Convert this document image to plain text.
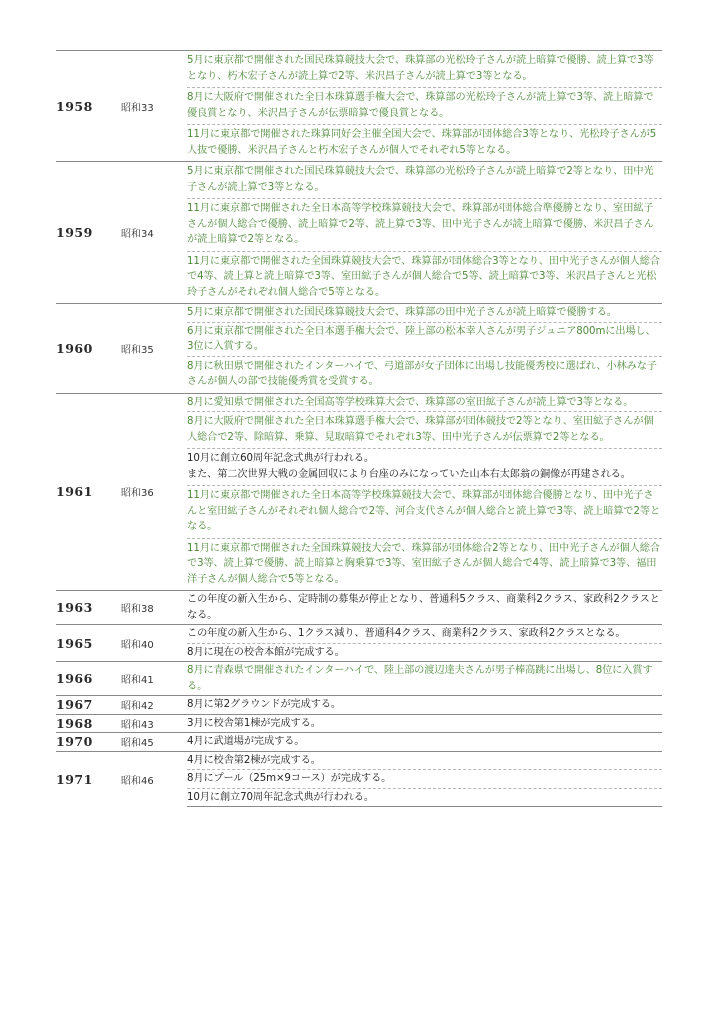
1958	昭和33	5月に東京都で開催された国民珠算競技大会で、珠算部の光松玲子さんが読上暗算で優勝、読上算で3等となり、朽木宏子さんが読上算で2等、米沢昌子さんが読上算で3等となる。
		8月に大阪府で開催された全日本珠算選手権大会で、珠算部の光松玲子さんが読上算で3等、読上暗算で優良賞となり、米沢昌子さんが伝票暗算で優良賞となる。
		11月に東京都で開催された珠算同好会主催全国大会で、珠算部が団体総合3等となり、光松玲子さんが5人抜で優勝、米沢昌子さんと朽木宏子さんが個人でそれぞれ5等となる。
1959	昭和34	5月に東京都で開催された国民珠算競技大会で、珠算部の光松玲子さんが読上暗算で2等となり、田中光子さんが読上算で3等となる。
		11月に東京都で開催された全日本高等学校珠算競技大会で、珠算部が団体総合準優勝となり、室田絋子さんが個人総合で優勝、読上暗算で2等、読上算で3等、田中光子さんが読上暗算で優勝、米沢昌子さんが読上暗算で2等となる。
		11月に東京都で開催された全国珠算競技大会で、珠算部が団体総合3等となり、田中光子さんが個人総合で4等、読上算と読上暗算で3等、室田絋子さんが個人総合で5等、読上暗算で3等、米沢昌子さんと光松玲子さんがそれぞれ個人総合で5等となる。
1960	昭和35	5月に東京都で開催された国民珠算競技大会で、珠算部の田中光子さんが読上暗算で優勝する。
		6月に東京都で開催された全日本選手権大会で、陸上部の松本幸人さんが男子ジュニア800mに出場し、3位に入賞する。
		8月に秋田県で開催されたインターハイで、弓道部が女子団体に出場し技能優秀校に選ばれ、小林みな子さんが個人の部で技能優秀賞を受賞する。
1961	昭和36	8月に愛知県で開催された全国高等学校珠算大会で、珠算部の室田絋子さんが読上算で3等となる。
		8月に大阪府で開催された全日本珠算選手権大会で、珠算部が団体競技で2等となり、室田絋子さんが個人総合で2等、除暗算、乗算、見取暗算でそれぞれ3等、田中光子さんが伝票算で2等となる。
		10月に創立60周年記念式典が行われる。
また、第二次世界大戦の金属回収により台座のみになっていた山本右太郎翁の銅像が再建される。
		11月に東京都で開催された全日本高等学校珠算競技大会で、珠算部が団体総合優勝となり、田中光子さんと室田絋子さんがそれぞれ個人総合で2等、河合支代さんが個人総合と読上算で3等、読上暗算で2等となる。
		11月に東京都で開催された全国珠算競技大会で、珠算部が団体総合2等となり、田中光子さんが個人総合で3等、読上算で優勝、読上暗算と胸乗算で3等、室田絋子さんが個人総合で4等、読上暗算で3等、福田洋子さんが個人総合で5等となる。
1963	昭和38	この年度の新入生から、定時制の募集が停止となり、普通科5クラス、商業科2クラス、家政科2クラスとなる。
1965	昭和40	この年度の新入生から、1クラス減り、普通科4クラス、商業科2クラス、家政科2クラスとなる。
		8月に現在の校舎本館が完成する。
1966	昭和41	8月に青森県で開催されたインターハイで、陸上部の渡辺達夫さんが男子棒高跳に出場し、8位に入賞する。
1967	昭和42	8月に第2グラウンドが完成する。
1968	昭和43	3月に校舎第1棟が完成する。
1970	昭和45	4月に武道場が完成する。
1971	昭和46	4月に校舎第2棟が完成する。
		8月にプール（25m×9コース）が完成する。
		10月に創立70周年記念式典が行われる。
